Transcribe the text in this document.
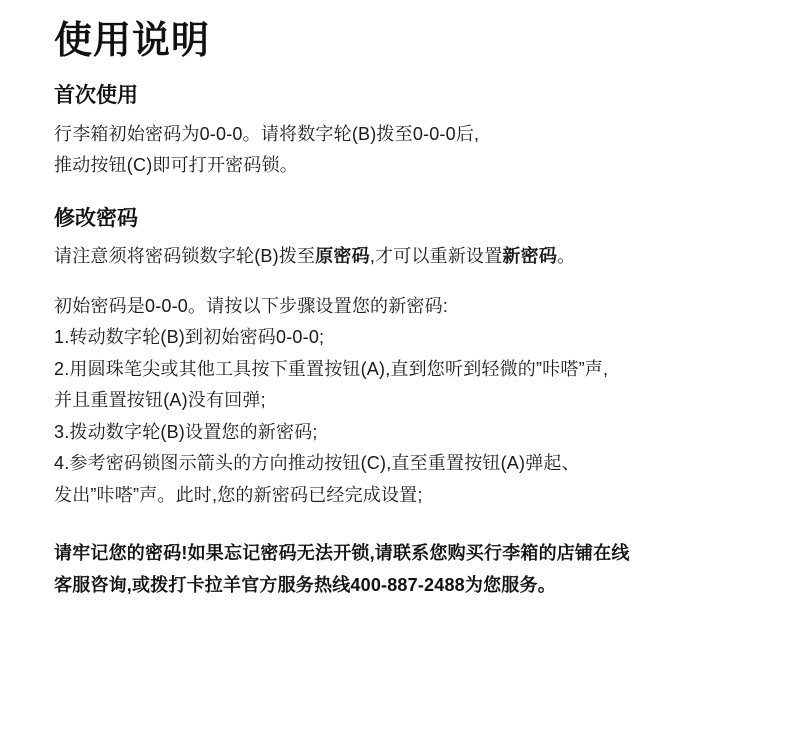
使用说明
首次使用

行李箱初始密码为0-0-0。请将数字轮(B)拨至0-0-0后,

推动按钮(C)即可打开密码锁。

修改密码

请注意须将密码锁数字轮(B)拨至原密码,才可以重新设置新密码。

初始密码是0-0-0。请按以下步骤设置您的新密码:

1.转动数字轮(B)到初始密码0-0-0;
2.用圆珠笔尖或其他工具按下重置按钮(A),直到您听到轻微的”咔嗒”声,
并且重置按钮(A)没有回弹;
3.拨动数字轮(B)设置您的新密码;
4.参考密码锁图示箭头的方向推动按钮(C),直至重置按钮(A)弹起、
发出”咔嗒”声。此时,您的新密码已经完成设置;

请牢记您的密码!如果忘记密码无法开锁,请联系您购买行李箱的店铺在线

客服咨询,或拨打卡拉羊官方服务热线400-887-2488为您服务。
